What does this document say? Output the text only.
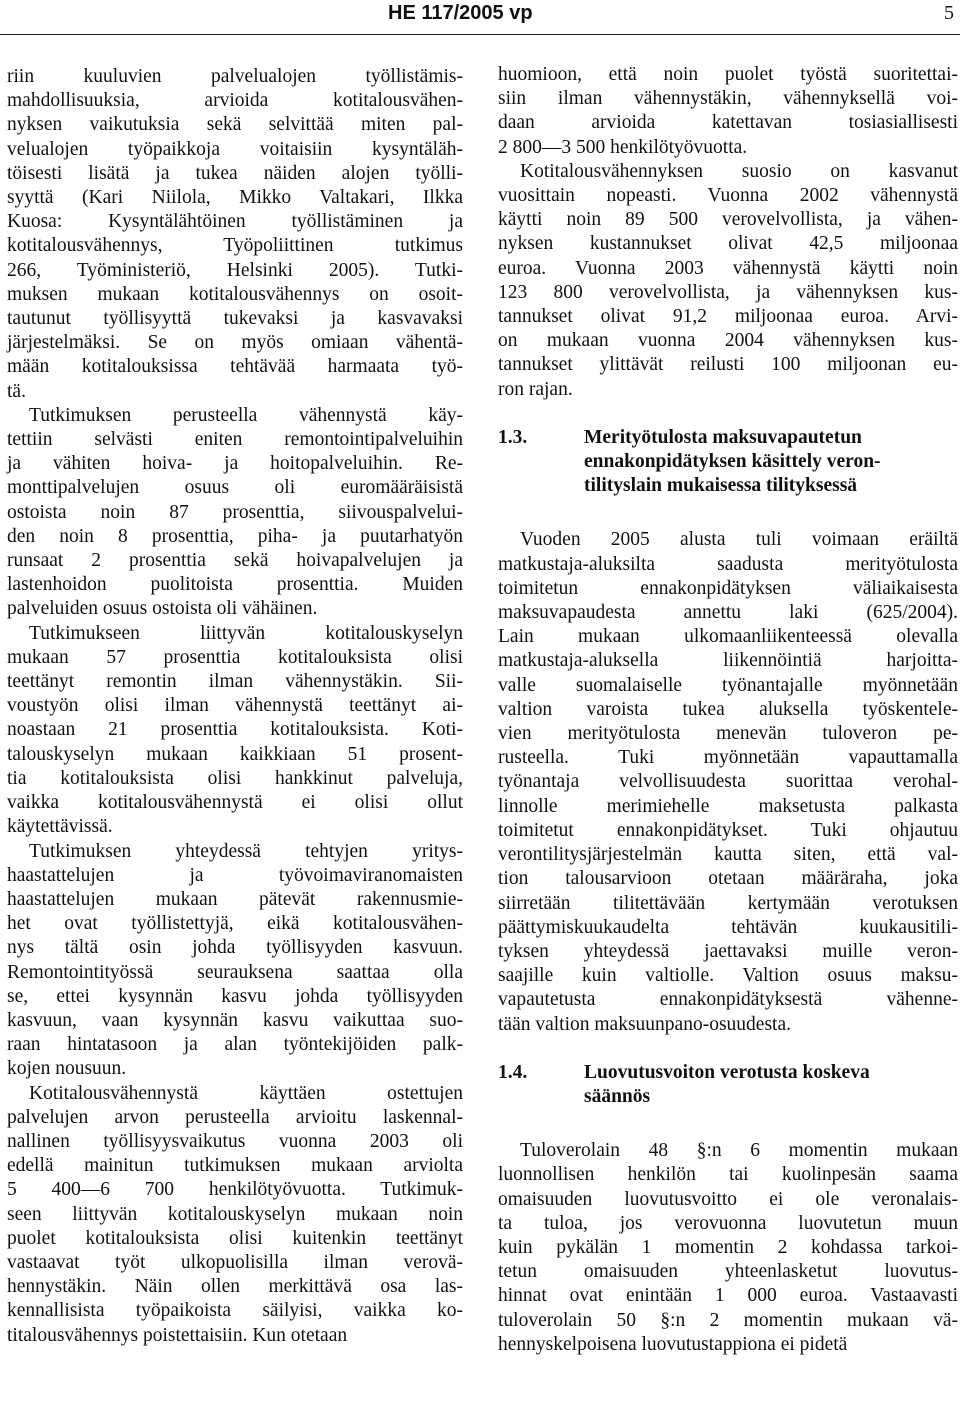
HE 117/2005 vp	5
riin kuuluvien palvelualojen työllistämis-
mahdollisuuksia, arvioida kotitalousvähen-
nyksen vaikutuksia sekä selvittää miten pal-
velualojen työpaikkoja voitaisiin kysyntäläh-
töisesti lisätä ja tukea näiden alojen työlli-
syyttä (Kari Niilola, Mikko Valtakari, Ilkka
Kuosa: Kysyntälähtöinen työllistäminen ja
kotitalousvähennys, Työpoliittinen tutkimus
266, Työministeriö, Helsinki 2005). Tutki-
muksen mukaan kotitalousvähennys on osoit-
tautunut työllisyyttä tukevaksi ja kasvavaksi
järjestelmäksi. Se on myös omiaan vähentä-
mään kotitalouksissa tehtävää harmaata työ-
tä.
Tutkimuksen perusteella vähennystä käy-
tettiin selvästi eniten remontointipalveluihin
ja vähiten hoiva- ja hoitopalveluihin. Re-
monttipalvelujen osuus oli euromääräisistä
ostoista noin 87 prosenttia, siivouspalvelui-
den noin 8 prosenttia, piha- ja puutarhatyön
runsaat 2 prosenttia sekä hoivapalvelujen ja
lastenhoidon puolitoista prosenttia. Muiden
palveluiden osuus ostoista oli vähäinen.
Tutkimukseen liittyvän kotitalouskyselyn
mukaan 57 prosenttia kotitalouksista olisi
teettänyt remontin ilman vähennystäkin. Sii-
voustyön olisi ilman vähennystä teettänyt ai-
noastaan 21 prosenttia kotitalouksista. Koti-
talouskyselyn mukaan kaikkiaan 51 prosent-
tia kotitalouksista olisi hankkinut palveluja,
vaikka kotitalousvähennystä ei olisi ollut
käytettävissä.
Tutkimuksen yhteydessä tehtyjen yritys-
haastattelujen ja työvoimaviranomaisten
haastattelujen mukaan pätevät rakennusmie-
het ovat työllistettyjä, eikä kotitalousvähen-
nys tältä osin johda työllisyyden kasvuun.
Remontointityössä seurauksena saattaa olla
se, ettei kysynnän kasvu johda työllisyyden
kasvuun, vaan kysynnän kasvu vaikuttaa suo-
raan hintatasoon ja alan työntekijöiden palk-
kojen nousuun.
Kotitalousvähennystä käyttäen ostettujen
palvelujen arvon perusteella arvioitu laskennal-
nallinen työllisyysvaikutus vuonna 2003 oli
edellä mainitun tutkimuksen mukaan arviolta
5 400—6 700 henkilötyövuotta. Tutkimuk-
seen liittyvän kotitalouskyselyn mukaan noin
puolet kotitalouksista olisi kuitenkin teettänyt
vastaavat työt ulkopuolisilla ilman verovä-
hennystäkin. Näin ollen merkittävä osa las-
kennallisista työpaikoista säilyisi, vaikka ko-
titalousvähennys poistettaisiin. Kun otetaan
huomioon, että noin puolet työstä suoritettai-
siin ilman vähennystäkin, vähennyksellä voi-
daan arvioida katettavan tosiasiallisesti
2 800—3 500 henkilötyövuotta.
Kotitalousvähennyksen suosio on kasvanut
vuosittain nopeasti. Vuonna 2002 vähennystä
käytti noin 89 500 verovelvollista, ja vähen-
nyksen kustannukset olivat 42,5 miljoonaa
euroa. Vuonna 2003 vähennystä käytti noin
123 800 verovelvollista, ja vähennyksen kus-
tannukset olivat 91,2 miljoonaa euroa. Arvi-
on mukaan vuonna 2004 vähennyksen kus-
tannukset ylittävät reilusti 100 miljoonan eu-
ron rajan.
1.3.	Merityötulosta maksuvapautetun
ennakonpidätyksen käsittely veron-
tilityslain mukaisessa tilityksessä
Vuoden 2005 alusta tuli voimaan eräiltä
matkustaja-aluksilta saadusta merityötulosta
toimitetun ennakonpidätyksen väliaikaisesta
maksuvapaudesta annettu laki (625/2004).
Lain mukaan ulkomaanliikenteessä olevalla
matkustaja-aluksella liikennöintiä harjoitta-
valle suomalaiselle työnantajalle myönnetään
valtion varoista tukea aluksella työskentele-
vien merityötulosta menevän tuloveron pe-
rusteella. Tuki myönnetään vapauttamalla
työnantaja velvollisuudesta suorittaa verohal-
linnolle merimiehelle maksetusta palkasta
toimitetut ennakonpidätykset. Tuki ohjautuu
verontilitysjärjestelmän kautta siten, että val-
tion talousarvioon otetaan määräraha, joka
siirretään tilitettävään kertymään verotuksen
päättymiskuukaudelta tehtävän kuukausitili-
tyksen yhteydessä jaettavaksi muille veron-
saajille kuin valtiolle. Valtion osuus maksu-
vapautetusta ennakonpidätyksestä vähenne-
tään valtion maksuunpano-osuudesta.
1.4.	Luovutusvoiton verotusta koskeva
säännös
Tuloverolain 48 §:n 6 momentin mukaan
luonnollisen henkilön tai kuolinpesän saama
omaisuuden luovutusvoitto ei ole veronalais-
ta tuloa, jos verovuonna luovutetun muun
kuin pykälän 1 momentin 2 kohdassa tarkoi-
tetun omaisuuden yhteenlasketut luovutus-
hinnat ovat enintään 1 000 euroa. Vastaavasti
tuloverolain 50 §:n 2 momentin mukaan vä-
hennyskelpoisena luovutustappiona ei pidetä
